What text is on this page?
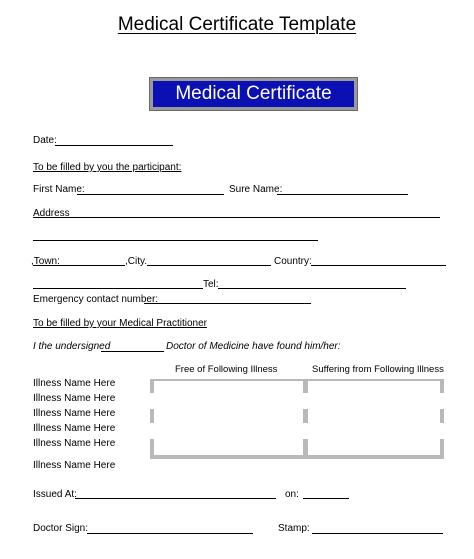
Medical Certificate Template
Medical Certificate
Date:
To be filled by you the participant:
First Name:	Sure Name:
Address
,Town:	,City.	Country:
Tel:
Emergency contact number:
To be filled by your Medical Practitioner
I the undersigned	Doctor of Medicine have found him/her:
Free of Following Illness	Suffering from Following Illness
Illness Name Here
Illness Name Here
Illness Name Here
Illness Name Here
Illness Name Here
Illness Name Here
Issued At:	on:
Doctor Sign:	Stamp:
